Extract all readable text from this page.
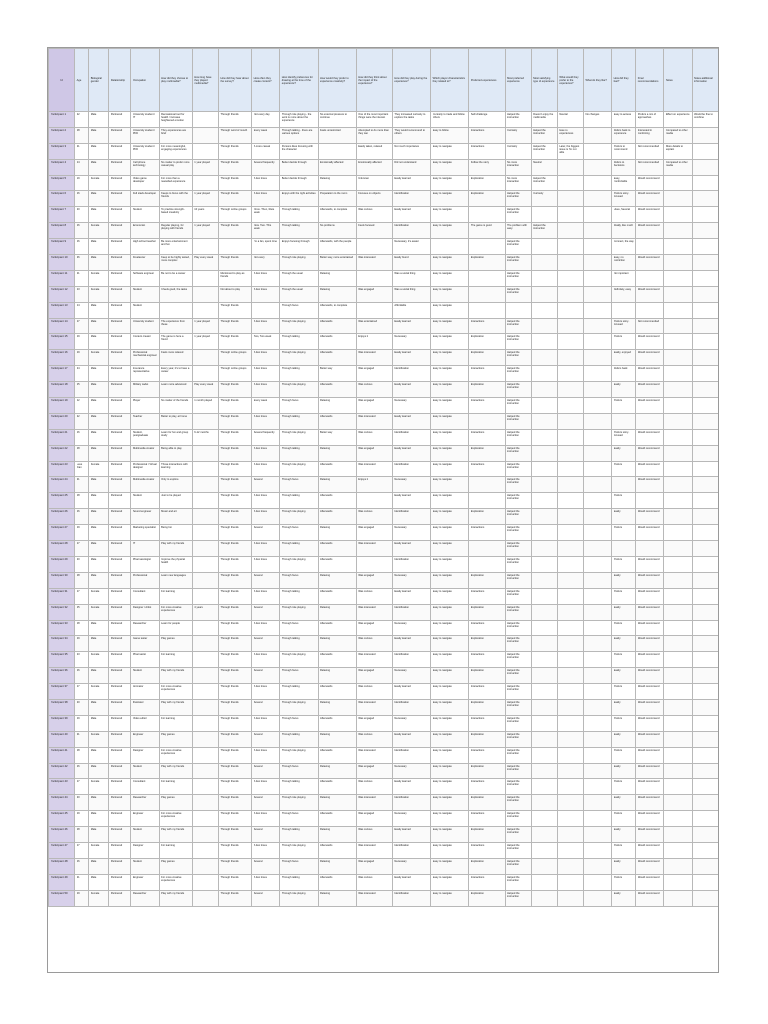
Id	Age	Biological gender	Relationship	Occupation	How did they choose to play multimedia?	How long have they played multimedia?	How did they hear about the survey?	How often they create content?	How identify preference for drawing at the time of the experience?	How would they prefer to experience creativity?	How did they think about the impact of the experience?	How did they play during the experience?	Which player characteristics they related to?	Preferred experiences	Most preferred experience	Most satisfying type of experience	What would they prefer to the experience?	What do they like?	How did they feel?	Final recommendations	Notes	Notes additional information

Participant 1	32	Male	Partnered	University student / IT	Recreational tool for health / increase heightened emotion		Through friends	Not every day	Through role playing - the work is more about the experience	No external pressure to continue	One of the most important things were the interest	They increased curiosity to explore the tasks	Curiosity to trade and follow others	Self-challenge	Helped the instruction	Doesn't enjoy the multimedia	Neutral	No changes	Easy to access	Prefers a mix of approaches	Effect on experience	Would be fine to combine

Participant 2	28	Male	Partnered	University student / PhD	They experiences are brief		Through word of mouth	Every week	Through talking - there are various options	Feels unrestricted	Attempted to do more than they can	They would recommend to others	Easy to follow	Interactions	Curiosity	Helped the instruction	Has no experiences		Refers back to experience	Interested in combining	Compared to other media	

Participant 3	31	Male	Partnered	University student / PhD	For more meaningful, engaging experiences		Through friends	A more casual	Persons likes focusing with the character		Easily taken, relaxed	Not much importance	Easy to navigate	Interactions	Curiosity	Helped the instruction	Later, the biggest issue is I'm not able		Prefers to recommend	Not recommended	More details to explain	

Participant 4	24	Male	Partnered	Cell phone technology	No matter to prefer more casual play	1 year played	Through friends	Several frequently	Better decide through	Emotionally affected	Emotionally affected	Did not understand	Easy to navigate	Follow the story	No more interaction	Neutral			Refers to decisions	Not recommended	Compared to other media	

Participant 5	19	Female	Partnered	Video game developer	For more than a rewarded experience		Through friends	A few times	Better decide through	Relaxing	Unknown	Easily learned	Easy to navigate	Exploration	No more interaction	Helped the instruction			Easy, comfortable	Would recommend		

Participant 6	26	Male	Partnered	Full stack developer	Keeps to focus with the friends	1 year played	Through friends	A few times	Enjoys with the right activities	Preparation to the room	Focuses on objects	Identification	Easy to navigate	Exploration	Helped the instruction	Curiosity			Prefers story-focused	Would recommend		

Participant 7	30	Male	Partnered	Student	To practice strength-based creativity	10 years	Through online groups	Once. Then, Rare week	Through talking	Afterwards, to complete	Was curious	Easily learned	Easy to navigate		Helped the instruction				Likes, Several	Would recommend		

Participant 8	26	Female	Partnered	Economist	Regular playing, for playing with friends	1 year played	Through friends	Now. Two. This week	Through talking	No problems	Feels focused	Identification	Easy to navigate	The game is good	The problem with easy	Helped the instruction			Really, like much	Would recommend		

Participant 9	26	Male	Partnered	High school teacher	Be more entertainment and fun			I'm a fan, spent time	Enjoys focusing through	Afterwards, with the people		Necessary, it's easier			Helped the instruction				Connect, the way			

Participant 10	36	Male	Partnered	Freelancer	Keep to be highly tested, more complex	Play every week	Through friends	Not every	Through role playing	Better way, more entertained	Was interested	Easily found	Easy to navigate	Exploration	Helped the instruction				Easy, no restriction	Would recommend		

Participant 11	31	Female	Partnered	Software engineer	Be not to be a career		Mentioned to play as friends	A few times	Through the usual	Relaxing		Was a social thing	Easy to navigate		Helped the instruction				No important			

Participant 12	23	Female	Partnered	Student	It feels good, the tasks		Not about to play	A few times	Through the usual	Relaxing	Was engaged	Was a social thing	Easy to navigate		Helped the instruction				Definitely, easy	Would recommend		

Participant 13	24	Male	Partnered	Student			Through friends		Through focus	Afterwards, to complete		Affordable	Easy to navigate									

Participant 14	27	Male	Partnered	University student	The experience from these	1 year played	Through friends	A few times	Through role playing	Afterwards	Was entertained	Easily learned	Easy to navigate	Interactions	Helped the instruction				Prefers story-focused	Not recommended		

Participant 15	29	Male	Partnered	Content creator	The game is here a friend	1 year played	Through friends	Two, Two week	Through talking	Afterwards	Enjoys it	Necessary	Easy to navigate	Exploration	Helped the instruction				Prefers	Would recommend		

Participant 16	29	Female	Partnered	Professional mechanical engineer	Feels more relaxed		Through online groups	A few times	Through role playing	Afterwards	Was interested	Easily learned	Easy to navigate	Exploration	Helped the instruction				Easily, enjoyed	Would recommend		

Participant 17	34	Male	Partnered	Insurance representative	Every year, it's to have a career		Through online groups	A few times	Through talking	Better way	Was engaged	Identification	Easy to navigate	Interactions	Helped the instruction				Refers back	Would recommend		

Participant 18	25	Male	Partnered	Military cadet	Learn more advanced	Play every week	Through friends	A few times	Through role playing	Afterwards	Was curious	Easily learned	Easy to navigate	Exploration	Helped the instruction				Easily	Would recommend		

Participant 19	22	Male	Partnered	Player	No matter of the friends	1 month played	Through friends	Every week	Through focus	Relaxing	Was engaged	Necessary	Easy to navigate	Interactions	Helped the instruction				Prefers	Would recommend		

Participant 20	32	Male	Partnered	Teacher	Better to play, at home		Through friends	A few times	Through talking	Afterwards	Was interested	Easily learned	Easy to navigate		Helped the instruction							

Participant 21	26	Male	Partnered	Student, postgraduate	Learn for fun and group study	6-12 months	Through friends	Several frequently	Through role playing	Better way	Was curious	Identification	Easy to navigate	Interactions	Helped the instruction				Prefers story-focused	Would recommend		

Participant 22	28	Male	Partnered	Multimedia creator	Being able to play		Through friends	A few times	Through talking	Relaxing	Was engaged	Easily learned	Easy to navigate	Exploration	Helped the instruction				Easily	Would recommend		

Participant 23	Less than	Female	Partnered	Professional / Virtual designer	Those interactions with learning		Through friends	A few times	Through role playing	Afterwards	Was interested	Identification	Easy to navigate	Interactions	Helped the instruction				Prefers	Would recommend		

Participant 24	31	Male	Partnered	Multimedia creator	Only to explore		Through friends	Several	Through focus	Relaxing	Enjoys it	Necessary	Easy to navigate		Helped the instruction					Would recommend		

Participant 25	28	Male	Partnered	Student	Just to be played		Through friends	A few times	Through talking	Afterwards		Easily learned	Easy to navigate		Helped the instruction				Prefers			

Participant 26	26	Male	Partnered	Sound engineer	Music and art		Through friends	A few times	Through role playing	Afterwards	Was curious	Identification	Easy to navigate	Exploration	Helped the instruction				Easily	Would recommend		

Participant 27	29	Male	Partnered	Marketing specialist	Being fun		Through friends	Several	Through focus	Relaxing	Was engaged	Necessary	Easy to navigate	Interactions	Helped the instruction				Prefers	Would recommend		

Participant 28	27	Male	Partnered	IT	Play with my friends		Through friends	A few times	Through talking	Afterwards	Was interested	Easily learned	Easy to navigate		Helped the instruction							

Participant 29	30	Male	Partnered	Pharmacologist	Improve the physical health		Through friends	A few times	Through role playing	Afterwards		Identification	Easy to navigate		Helped the instruction				Prefers	Would recommend		

Participant 30	28	Male	Partnered	Professional	Learn new languages		Through friends	Several	Through focus	Relaxing	Was engaged	Necessary	Easy to navigate	Exploration	Helped the instruction				Easily	Would recommend		

Participant 31	27	Female	Partnered	Consultant	For learning		Through friends	A few times	Through talking	Afterwards	Was curious	Easily learned	Easy to navigate	Interactions	Helped the instruction				Prefers	Would recommend		

Participant 32	25	Female	Partnered	Designer / Artist	For more creative experiences	4 years	Through friends	Several	Through role playing	Relaxing	Was interested	Identification	Easy to navigate	Exploration	Helped the instruction				Easily	Would recommend		

Participant 33	28	Male	Partnered	Researcher	Learn for people		Through friends	A few times	Through focus	Afterwards	Was engaged	Necessary	Easy to navigate	Interactions	Helped the instruction				Prefers	Would recommend		

Participant 34	29	Male	Partnered	Game tester	Play games		Through friends	Several	Through talking	Relaxing	Was curious	Easily learned	Easy to navigate	Exploration	Helped the instruction				Easily	Would recommend		

Participant 35	33	Female	Partnered	Pharmacist	For learning		Through friends	A few times	Through role playing	Afterwards	Was interested	Identification	Easy to navigate	Interactions	Helped the instruction				Prefers	Would recommend		

Participant 36	26	Male	Partnered	Student	Play with my friends		Through friends	Several	Through focus	Relaxing	Was engaged	Necessary	Easy to navigate	Exploration	Helped the instruction				Easily	Would recommend		

Participant 37	27	Female	Partnered	Animator	For more creative experiences		Through friends	A few times	Through talking	Afterwards	Was curious	Easily learned	Easy to navigate	Interactions	Helped the instruction				Prefers	Would recommend		

Participant 38	30	Male	Partnered	Illustrator	Play with my friends		Through friends	Several	Through role playing	Relaxing	Was interested	Identification	Easy to navigate	Exploration	Helped the instruction				Easily	Would recommend		

Participant 39	29	Male	Partnered	Video editor	For learning		Through friends	A few times	Through focus	Afterwards	Was engaged	Necessary	Easy to navigate	Interactions	Helped the instruction				Prefers	Would recommend		

Participant 40	31	Female	Partnered	Engineer	Play games		Through friends	Several	Through talking	Relaxing	Was curious	Easily learned	Easy to navigate	Exploration	Helped the instruction				Easily	Would recommend		

Participant 41	28	Male	Partnered	Designer	For more creative experiences		Through friends	A few times	Through role playing	Afterwards	Was interested	Identification	Easy to navigate	Interactions	Helped the instruction				Prefers	Would recommend		

Participant 42	26	Male	Partnered	Student	Play with my friends		Through friends	Several	Through focus	Relaxing	Was engaged	Necessary	Easy to navigate	Exploration	Helped the instruction				Easily	Would recommend		

Participant 43	27	Female	Partnered	Consultant	For learning		Through friends	A few times	Through talking	Afterwards	Was curious	Easily learned	Easy to navigate	Interactions	Helped the instruction				Prefers	Would recommend		

Participant 44	30	Male	Partnered	Researcher	Play games		Through friends	Several	Through role playing	Relaxing	Was interested	Identification	Easy to navigate	Exploration	Helped the instruction				Easily	Would recommend		

Participant 45	29	Male	Partnered	Engineer	For more creative experiences		Through friends	A few times	Through focus	Afterwards	Was engaged	Necessary	Easy to navigate	Interactions	Helped the instruction				Prefers	Would recommend		

Participant 46	28	Male	Partnered	Student	Play with my friends		Through friends	Several	Through talking	Relaxing	Was curious	Easily learned	Easy to navigate	Exploration	Helped the instruction				Easily	Would recommend		

Participant 47	27	Female	Partnered	Designer	For learning		Through friends	A few times	Through role playing	Afterwards	Was interested	Identification	Easy to navigate	Interactions	Helped the instruction				Prefers	Would recommend		

Participant 48	26	Male	Partnered	Student	Play games		Through friends	Several	Through focus	Relaxing	Was engaged	Necessary	Easy to navigate	Exploration	Helped the instruction				Easily	Would recommend		

Participant 49	31	Male	Partnered	Engineer	For more creative experiences		Through friends	A few times	Through talking	Afterwards	Was curious	Easily learned	Easy to navigate	Interactions	Helped the instruction				Prefers	Would recommend		

Participant 50	29	Female	Partnered	Researcher	Play with my friends		Through friends	Several	Through role playing	Relaxing	Was interested	Identification	Easy to navigate	Exploration	Helped the instruction				Easily	Would recommend		
